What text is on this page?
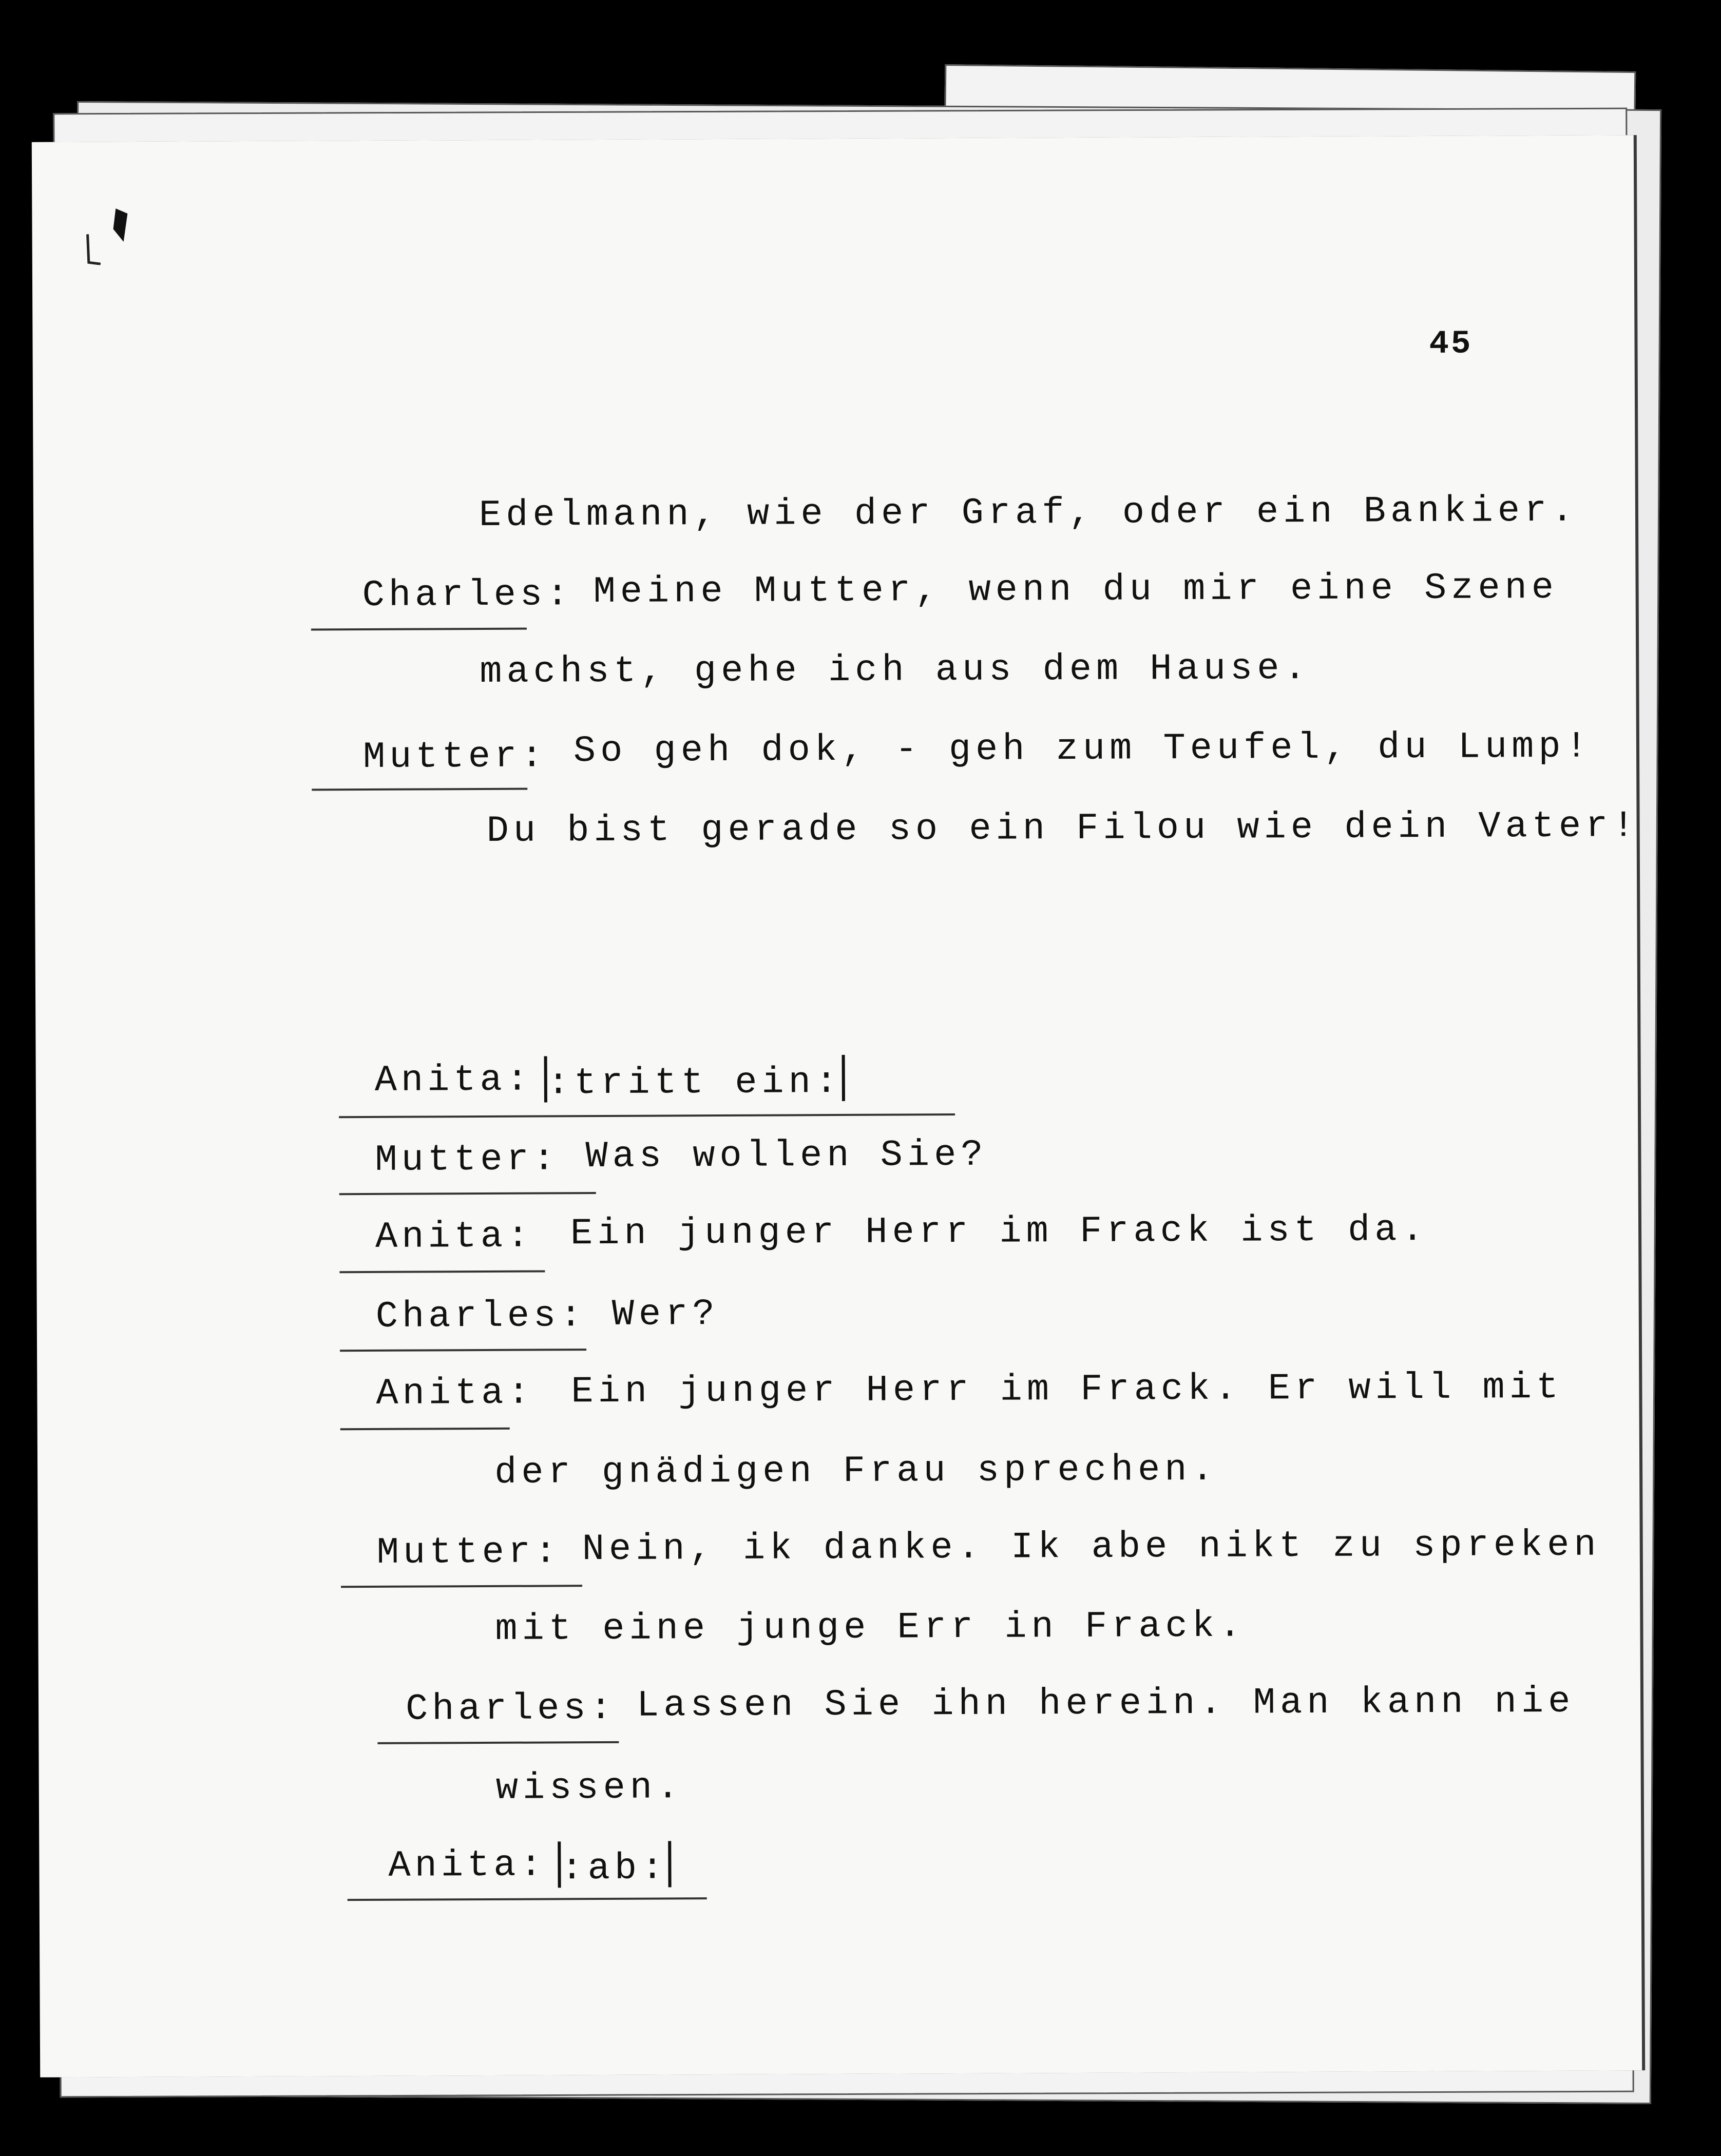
45
Edelmann, wie der Graf, oder ein Bankier.
Charles: Meine Mutter, wenn du mir eine Szene
machst, gehe ich aus dem Hause.
Mutter: So geh dok, - geh zum Teufel, du Lump!
Du bist gerade so ein Filou wie dein Vater!
Anita: :tritt ein:
Mutter: Was wollen Sie?
Anita: Ein junger Herr im Frack ist da.
Charles: Wer?
Anita: Ein junger Herr im Frack. Er will mit
der gnädigen Frau sprechen.
Mutter: Nein, ik danke. Ik abe nikt zu spreken
mit eine junge Err in Frack.
Charles: Lassen Sie ihn herein. Man kann nie
wissen.
Anita: :ab:
